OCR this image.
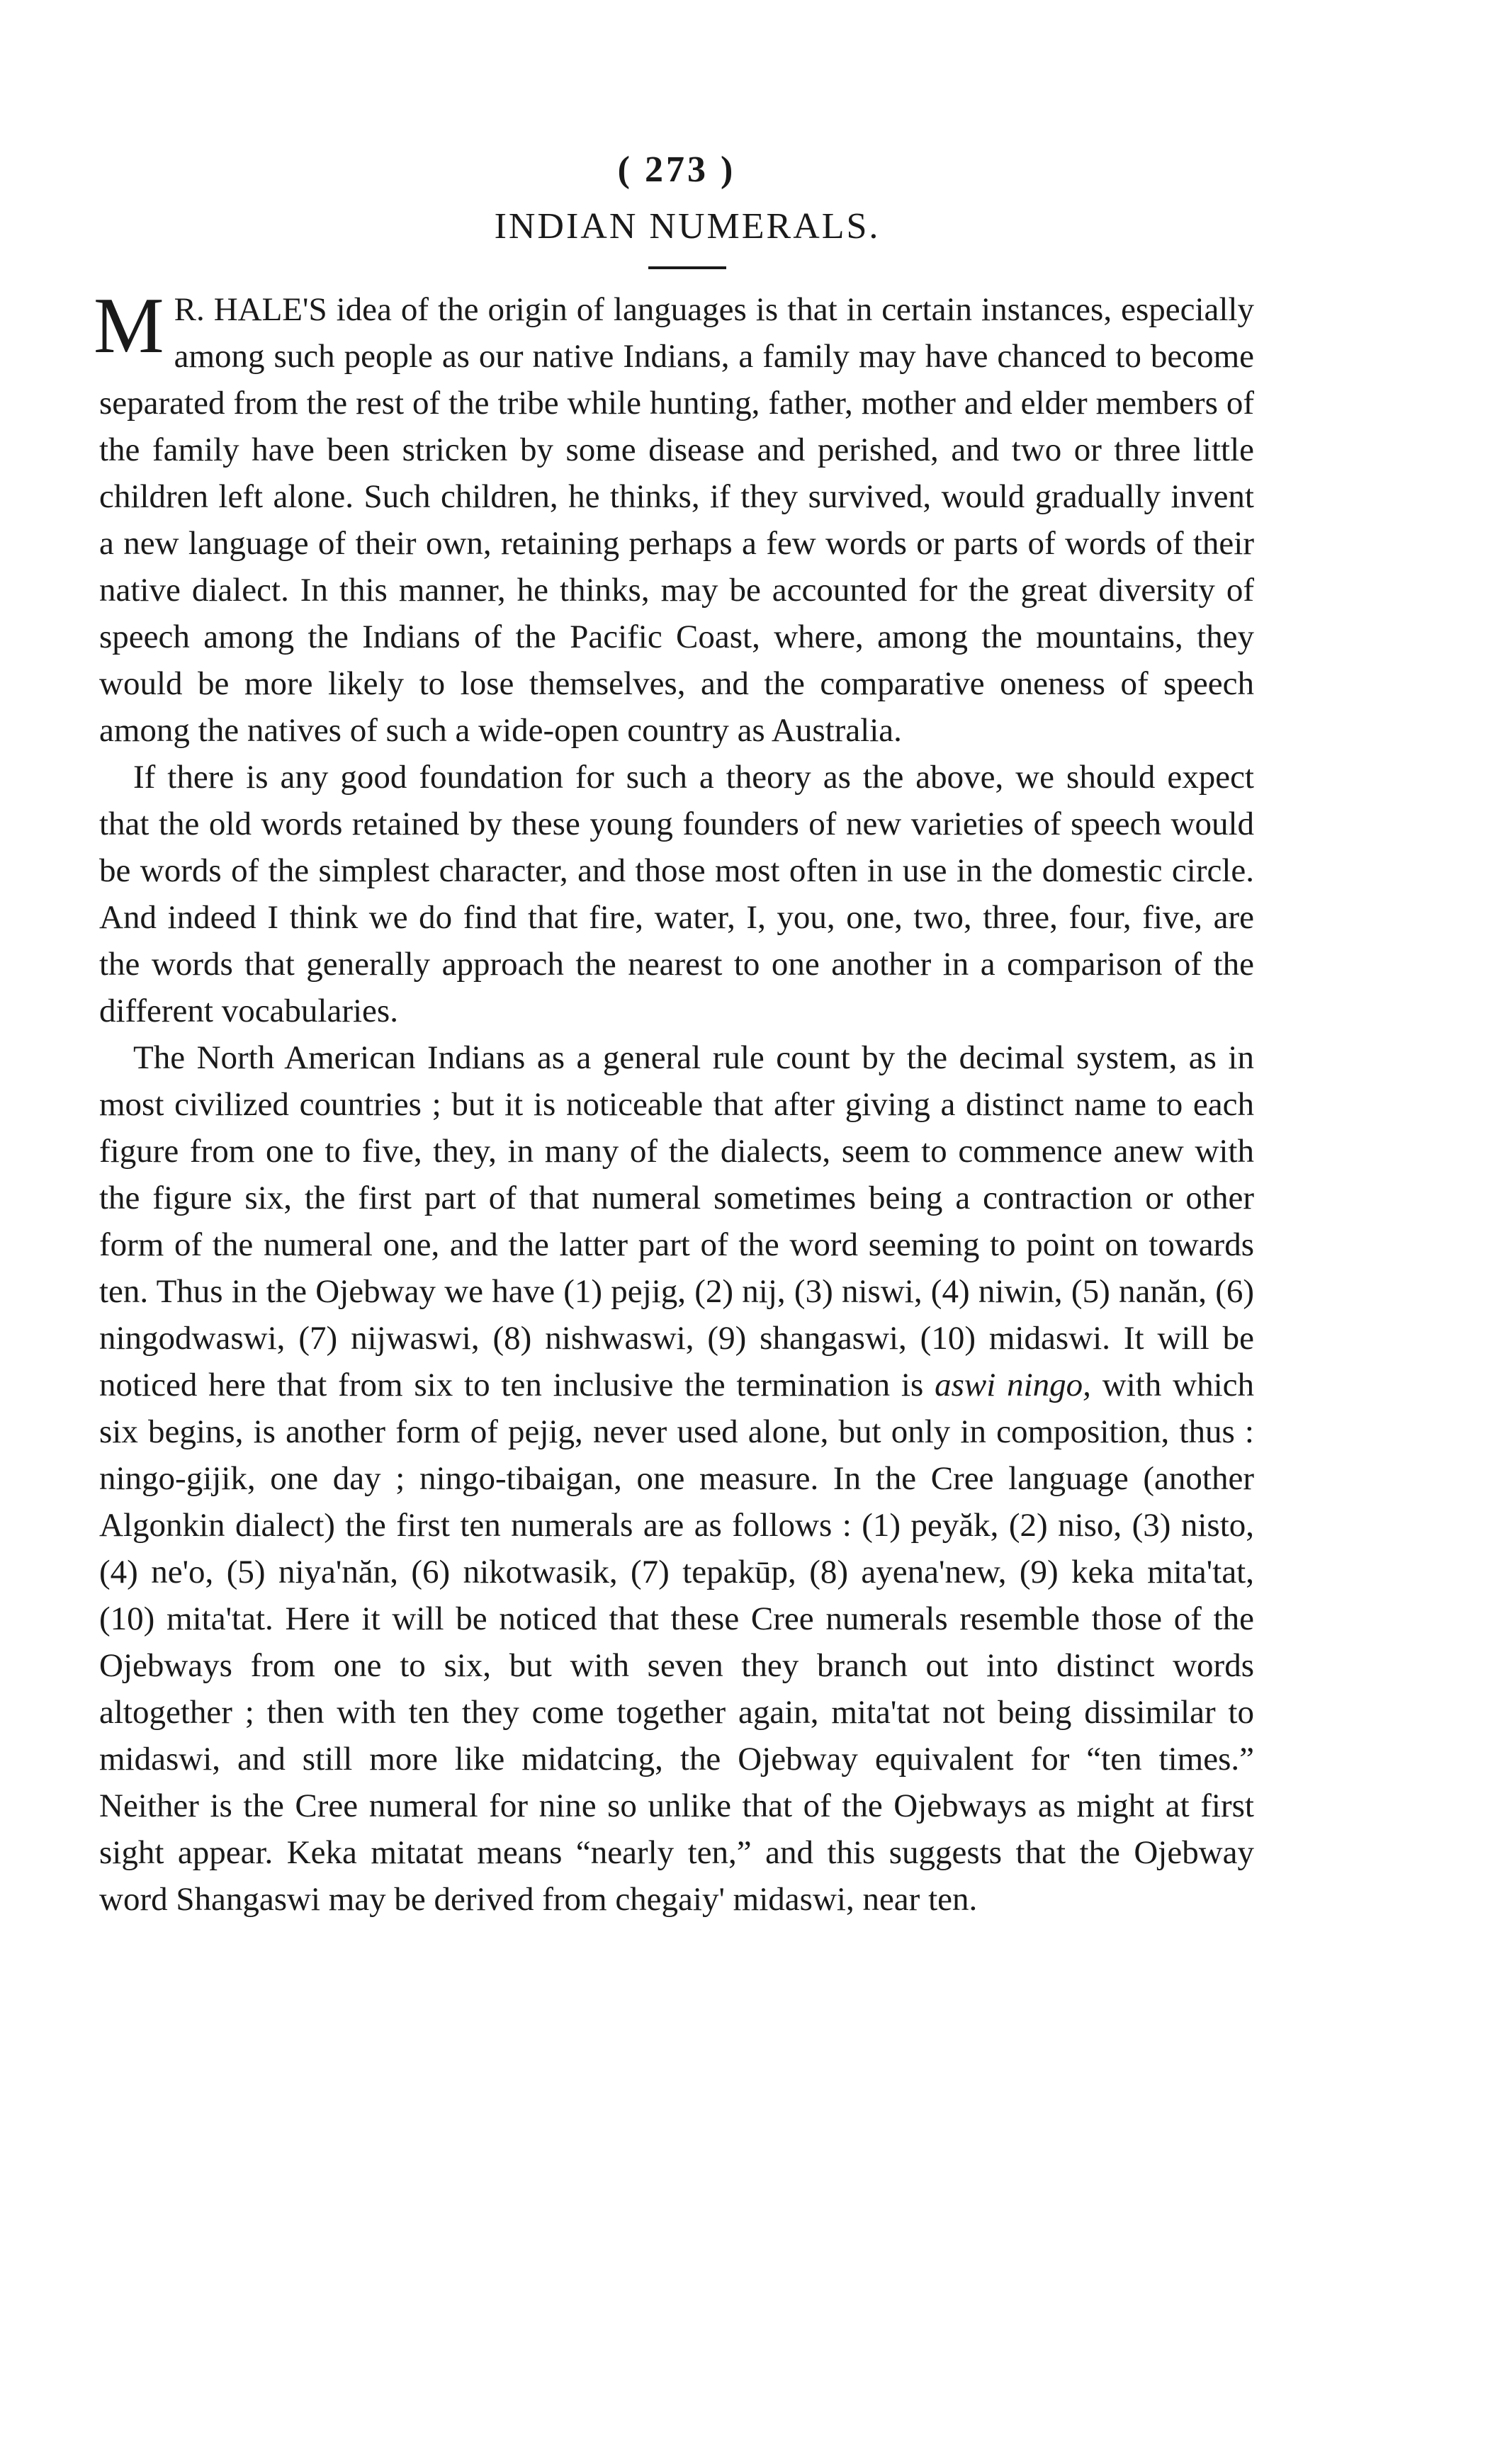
( 273 )

INDIAN NUMERALS.

M R. HALE'S idea of the origin of languages is that in certain instances, especially among such people as our native Indians, a family may have chanced to become separated from the rest of the tribe while hunting, father, mother and elder members of the family have been stricken by some disease and perished, and two or three little children left alone. Such children, he thinks, if they survived, would gradually invent a new language of their own, retaining perhaps a few words or parts of words of their native dialect. In this manner, he thinks, may be accounted for the great diversity of speech among the Indians of the Pacific Coast, where, among the mountains, they would be more likely to lose themselves, and the comparative oneness of speech among the natives of such a wide-open country as Australia.

If there is any good foundation for such a theory as the above, we should expect that the old words retained by these young founders of new varieties of speech would be words of the simplest character, and those most often in use in the domestic circle. And indeed I think we do find that fire, water, I, you, one, two, three, four, five, are the words that generally approach the nearest to one another in a comparison of the different vocabularies.

The North American Indians as a general rule count by the decimal system, as in most civilized countries ; but it is noticeable that after giving a distinct name to each figure from one to five, they, in many of the dialects, seem to commence anew with the figure six, the first part of that numeral sometimes being a contraction or other form of the numeral one, and the latter part of the word seeming to point on towards ten. Thus in the Ojebway we have (1) pejig, (2) nij, (3) niswi, (4) niwin, (5) nanăn, (6) ningodwaswi, (7) nijwaswi, (8) nishwaswi, (9) shangaswi, (10) midaswi. It will be noticed here that from six to ten inclusive the termination is aswi ningo, with which six begins, is another form of pejig, never used alone, but only in composition, thus : ningo-gijik, one day ; ningo-tibaigan, one measure. In the Cree language (another Algonkin dialect) the first ten numerals are as follows : (1) peyăk, (2) niso, (3) nisto, (4) ne'o, (5) niya'năn, (6) nikotwasik, (7) tepakūp, (8) ayena'new, (9) keka mita'tat, (10) mita'tat. Here it will be noticed that these Cree numerals resemble those of the Ojebways from one to six, but with seven they branch out into distinct words altogether ; then with ten they come together again, mita'tat not being dissimilar to midaswi, and still more like midatcing, the Ojebway equivalent for “ten times.” Neither is the Cree numeral for nine so unlike that of the Ojebways as might at first sight appear. Keka mitatat means “nearly ten,” and this suggests that the Ojebway word Shangaswi may be derived from chegaiy' midaswi, near ten.
